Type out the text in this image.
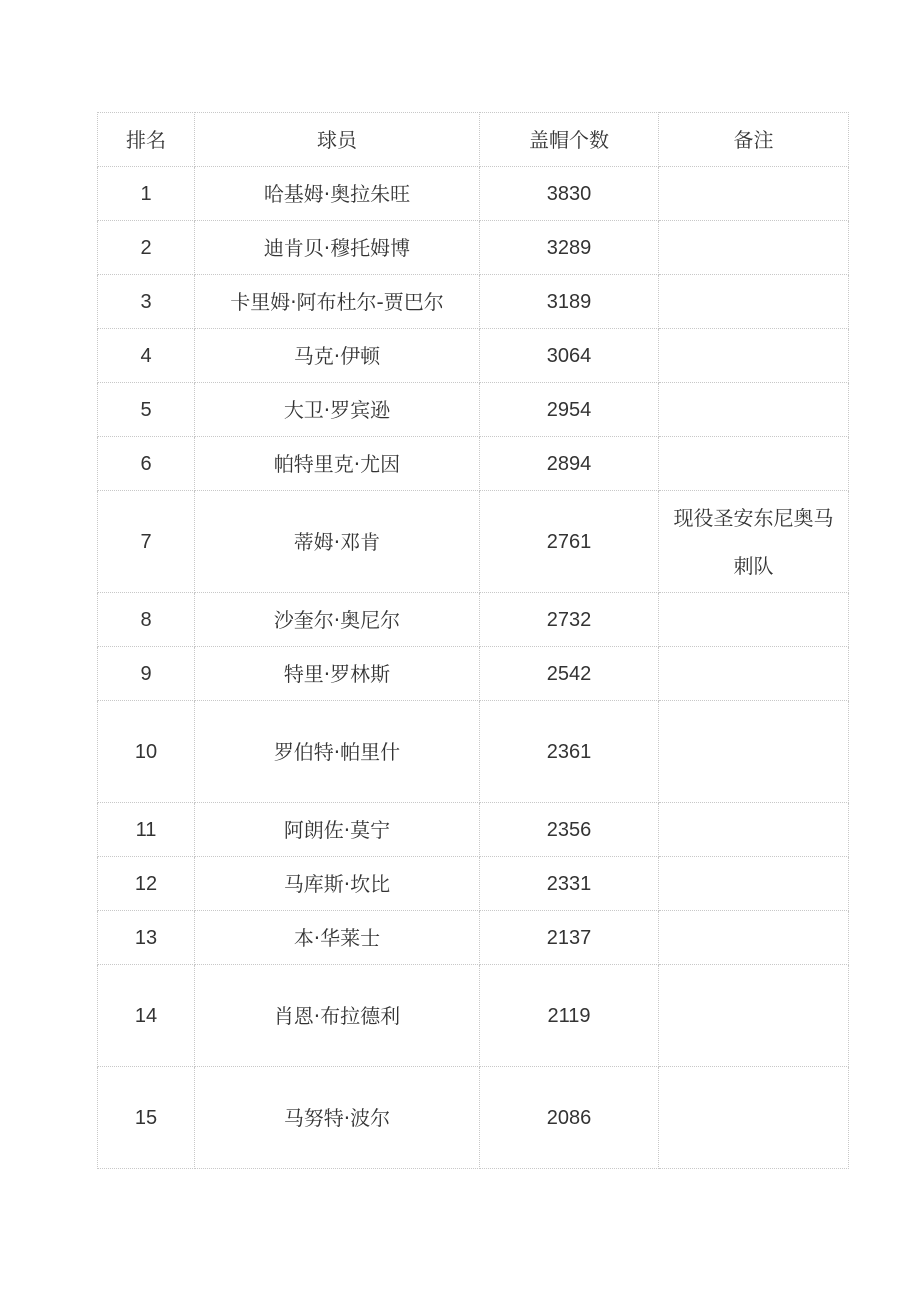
排名	球员	盖帽个数	备注
1	哈基姆·奥拉朱旺	3830	
2	迪肯贝·穆托姆博	3289	
3	卡里姆·阿布杜尔-贾巴尔	3189	
4	马克·伊顿	3064	
5	大卫·罗宾逊	2954	
6	帕特里克·尤因	2894	
7	蒂姆·邓肯	2761	现役圣安东尼奥马刺队
8	沙奎尔·奥尼尔	2732	
9	特里·罗林斯	2542	
10	罗伯特·帕里什	2361	
11	阿朗佐·莫宁	2356	
12	马库斯·坎比	2331	
13	本·华莱士	2137	
14	肖恩·布拉德利	2119	
15	马努特·波尔	2086	
